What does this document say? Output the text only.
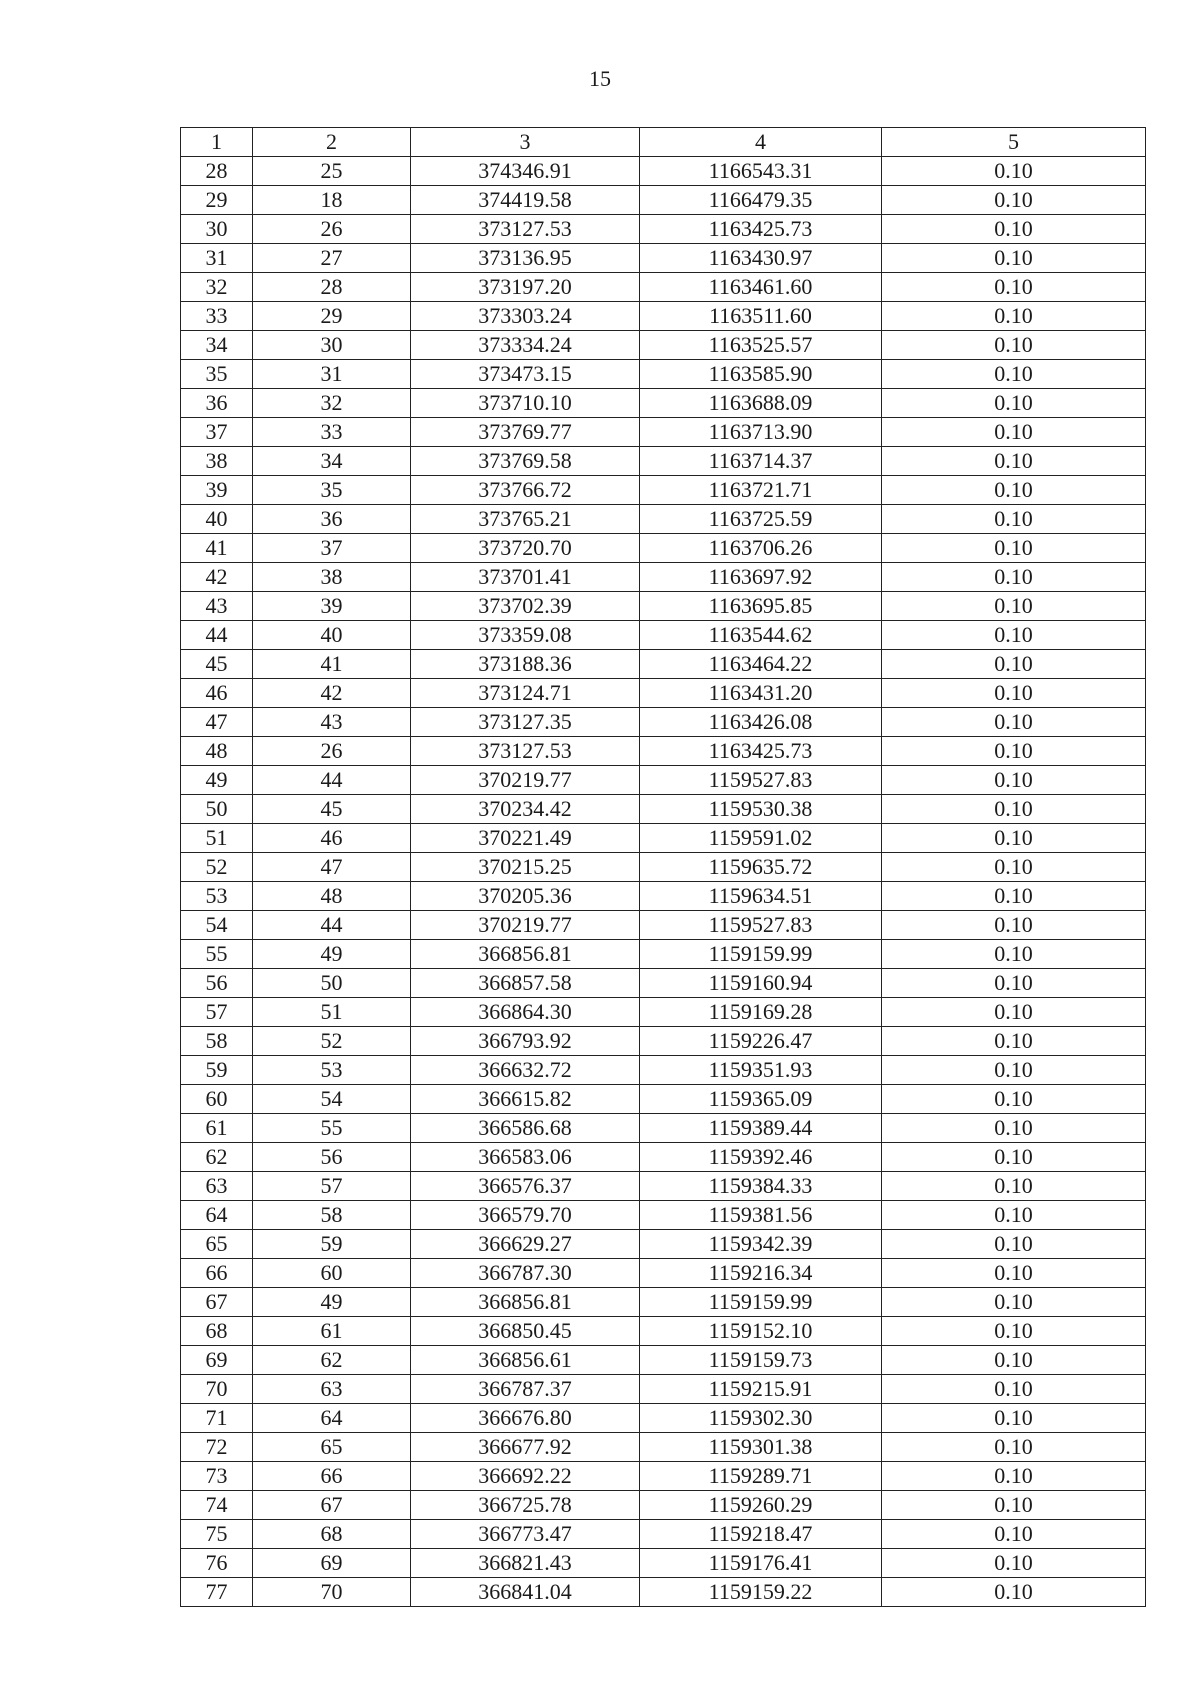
15
1	2	3	4	5
28	25	374346.91	1166543.31	0.10
29	18	374419.58	1166479.35	0.10
30	26	373127.53	1163425.73	0.10
31	27	373136.95	1163430.97	0.10
32	28	373197.20	1163461.60	0.10
33	29	373303.24	1163511.60	0.10
34	30	373334.24	1163525.57	0.10
35	31	373473.15	1163585.90	0.10
36	32	373710.10	1163688.09	0.10
37	33	373769.77	1163713.90	0.10
38	34	373769.58	1163714.37	0.10
39	35	373766.72	1163721.71	0.10
40	36	373765.21	1163725.59	0.10
41	37	373720.70	1163706.26	0.10
42	38	373701.41	1163697.92	0.10
43	39	373702.39	1163695.85	0.10
44	40	373359.08	1163544.62	0.10
45	41	373188.36	1163464.22	0.10
46	42	373124.71	1163431.20	0.10
47	43	373127.35	1163426.08	0.10
48	26	373127.53	1163425.73	0.10
49	44	370219.77	1159527.83	0.10
50	45	370234.42	1159530.38	0.10
51	46	370221.49	1159591.02	0.10
52	47	370215.25	1159635.72	0.10
53	48	370205.36	1159634.51	0.10
54	44	370219.77	1159527.83	0.10
55	49	366856.81	1159159.99	0.10
56	50	366857.58	1159160.94	0.10
57	51	366864.30	1159169.28	0.10
58	52	366793.92	1159226.47	0.10
59	53	366632.72	1159351.93	0.10
60	54	366615.82	1159365.09	0.10
61	55	366586.68	1159389.44	0.10
62	56	366583.06	1159392.46	0.10
63	57	366576.37	1159384.33	0.10
64	58	366579.70	1159381.56	0.10
65	59	366629.27	1159342.39	0.10
66	60	366787.30	1159216.34	0.10
67	49	366856.81	1159159.99	0.10
68	61	366850.45	1159152.10	0.10
69	62	366856.61	1159159.73	0.10
70	63	366787.37	1159215.91	0.10
71	64	366676.80	1159302.30	0.10
72	65	366677.92	1159301.38	0.10
73	66	366692.22	1159289.71	0.10
74	67	366725.78	1159260.29	0.10
75	68	366773.47	1159218.47	0.10
76	69	366821.43	1159176.41	0.10
77	70	366841.04	1159159.22	0.10
